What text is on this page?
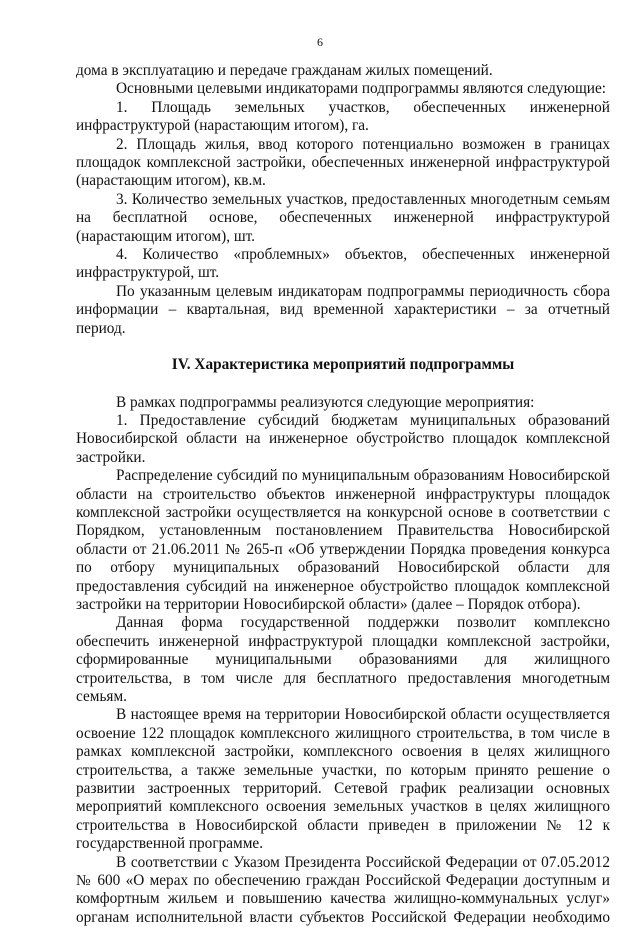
6

дома в эксплуатацию и передаче гражданам жилых помещений.

Основными целевыми индикаторами подпрограммы являются следующие:

1. Площадь земельных участков, обеспеченных инженерной инфраструктурой (нарастающим итогом), га.

2. Площадь жилья, ввод которого потенциально возможен в границах площадок комплексной застройки, обеспеченных инженерной инфраструктурой (нарастающим итогом), кв.м.

3. Количество земельных участков, предоставленных многодетным семьям на бесплатной основе, обеспеченных инженерной инфраструктурой (нарастающим итогом), шт.

4. Количество «проблемных» объектов, обеспеченных инженерной инфраструктурой, шт.

По указанным целевым индикаторам подпрограммы периодичность сбора информации – квартальная, вид временной характеристики – за отчетный период.

IV. Характеристика мероприятий подпрограммы

В рамках подпрограммы реализуются следующие мероприятия:

1. Предоставление субсидий бюджетам муниципальных образований Новосибирской области на инженерное обустройство площадок комплексной застройки.

Распределение субсидий по муниципальным образованиям Новосибирской области на строительство объектов инженерной инфраструктуры площадок комплексной застройки осуществляется на конкурсной основе в соответствии с Порядком, установленным постановлением Правительства Новосибирской области от 21.06.2011 № 265-п «Об утверждении Порядка проведения конкурса по отбору муниципальных образований Новосибирской области для предоставления субсидий на инженерное обустройство площадок комплексной застройки на территории Новосибирской области» (далее – Порядок отбора).

Данная форма государственной поддержки позволит комплексно обеспечить инженерной инфраструктурой площадки комплексной застройки, сформированные муниципальными образованиями для жилищного строительства, в том числе для бесплатного предоставления многодетным семьям.

В настоящее время на территории Новосибирской области осуществляется освоение 122 площадок комплексного жилищного строительства, в том числе в рамках комплексной застройки, комплексного освоения в целях жилищного строительства, а также земельные участки, по которым принято решение о развитии застроенных территорий. Сетевой график реализации основных мероприятий комплексного освоения земельных участков в целях жилищного строительства в Новосибирской области приведен в приложении № 12 к государственной программе.

В соответствии с Указом Президента Российской Федерации от 07.05.2012 № 600 «О мерах по обеспечению граждан Российской Федерации доступным и комфортным жильем и повышению качества жилищно-коммунальных услуг» органам исполнительной власти субъектов Российской Федерации необходимо
